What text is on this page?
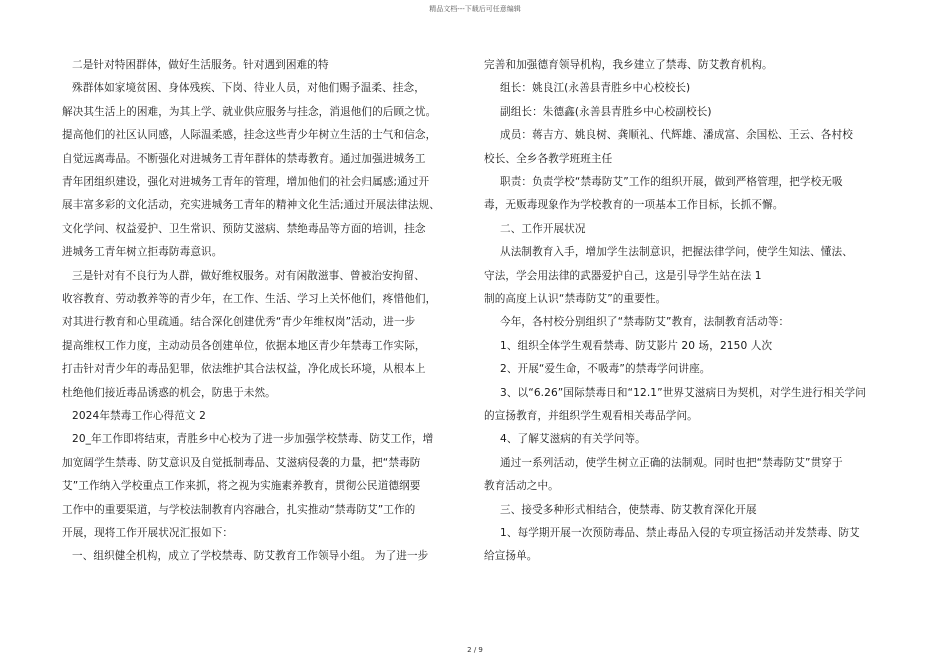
精品文档---下载后可任意编辑
二是针对特困群体，做好生活服务。针对遇到困难的特
殊群体如家境贫困、身体残疾、下岗、待业人员，对他们赐予温柔、挂念，
解决其生活上的困难，为其上学、就业供应服务与挂念，消退他们的后顾之忧。
提高他们的社区认同感，人际温柔感，挂念这些青少年树立生活的士气和信念，
自觉远离毒品。不断强化对进城务工青年群体的禁毒教育。通过加强进城务工
青年团组织建设，强化对进城务工青年的管理，增加他们的社会归属感;通过开
展丰富多彩的文化活动，充实进城务工青年的精神文化生活;通过开展法律法规、
文化学问、权益爱护、卫生常识、预防艾滋病、禁绝毒品等方面的培训，挂念
进城务工青年树立拒毒防毒意识。
三是针对有不良行为人群，做好维权服务。对有闲散滋事、曾被治安拘留、
收容教育、劳动教养等的青少年，在工作、生活、学习上关怀他们，疼惜他们，
对其进行教育和心里疏通。结合深化创建优秀“青少年维权岗”活动，进一步
提高维权工作力度，主动动员各创建单位，依据本地区青少年禁毒工作实际，
打击针对青少年的毒品犯罪，依法维护其合法权益，净化成长环境，从根本上
杜绝他们接近毒品诱惑的机会，防患于未然。
2024年禁毒工作心得范文 2
20_年工作即将结束，青胜乡中心校为了进一步加强学校禁毒、防艾工作，增
加宽阔学生禁毒、防艾意识及自觉抵制毒品、艾滋病侵袭的力量，把“禁毒防
艾”工作纳入学校重点工作来抓，将之视为实施素养教育，贯彻公民道德纲要
工作中的重要渠道，与学校法制教育内容融合，扎实推动“禁毒防艾”工作的
开展，现将工作开展状况汇报如下：
一、组织健全机构，成立了学校禁毒、防艾教育工作领导小组。 为了进一步
完善和加强德育领导机构，我乡建立了禁毒、防艾教育机构。
组长：姚良江(永善县青胜乡中心校校长)
副组长：朱德鑫(永善县青胜乡中心校副校长)
成员：蒋吉方、姚良树、龚顺礼、代辉雄、潘成富、余国松、王云、各村校
校长、全乡各教学班班主任
职责：负责学校“禁毒防艾”工作的组织开展，做到严格管理，把学校无吸
毒，无贩毒现象作为学校教育的一项基本工作目标，长抓不懈。
二、工作开展状况
从法制教育入手，增加学生法制意识，把握法律学问，使学生知法、懂法、
守法，学会用法律的武器爱护自己，这是引导学生站在法 1
制的高度上认识“禁毒防艾”的重要性。
今年，各村校分别组织了“禁毒防艾”教育，法制教育活动等：
1、组织全体学生观看禁毒、防艾影片 20 场，2150 人次
2、开展“爱生命，不吸毒”的禁毒学问讲座。
3、以“6.26”国际禁毒日和“12.1”世界艾滋病日为契机，对学生进行相关学问
的宣扬教育，并组织学生观看相关毒品学问。
4、了解艾滋病的有关学问等。
通过一系列活动，使学生树立正确的法制观。同时也把“禁毒防艾”贯穿于
教育活动之中。
三、接受多种形式相结合，使禁毒、防艾教育深化开展
1、每学期开展一次预防毒品、禁止毒品入侵的专项宣扬活动并发禁毒、防艾
给宣扬单。
2 / 9
